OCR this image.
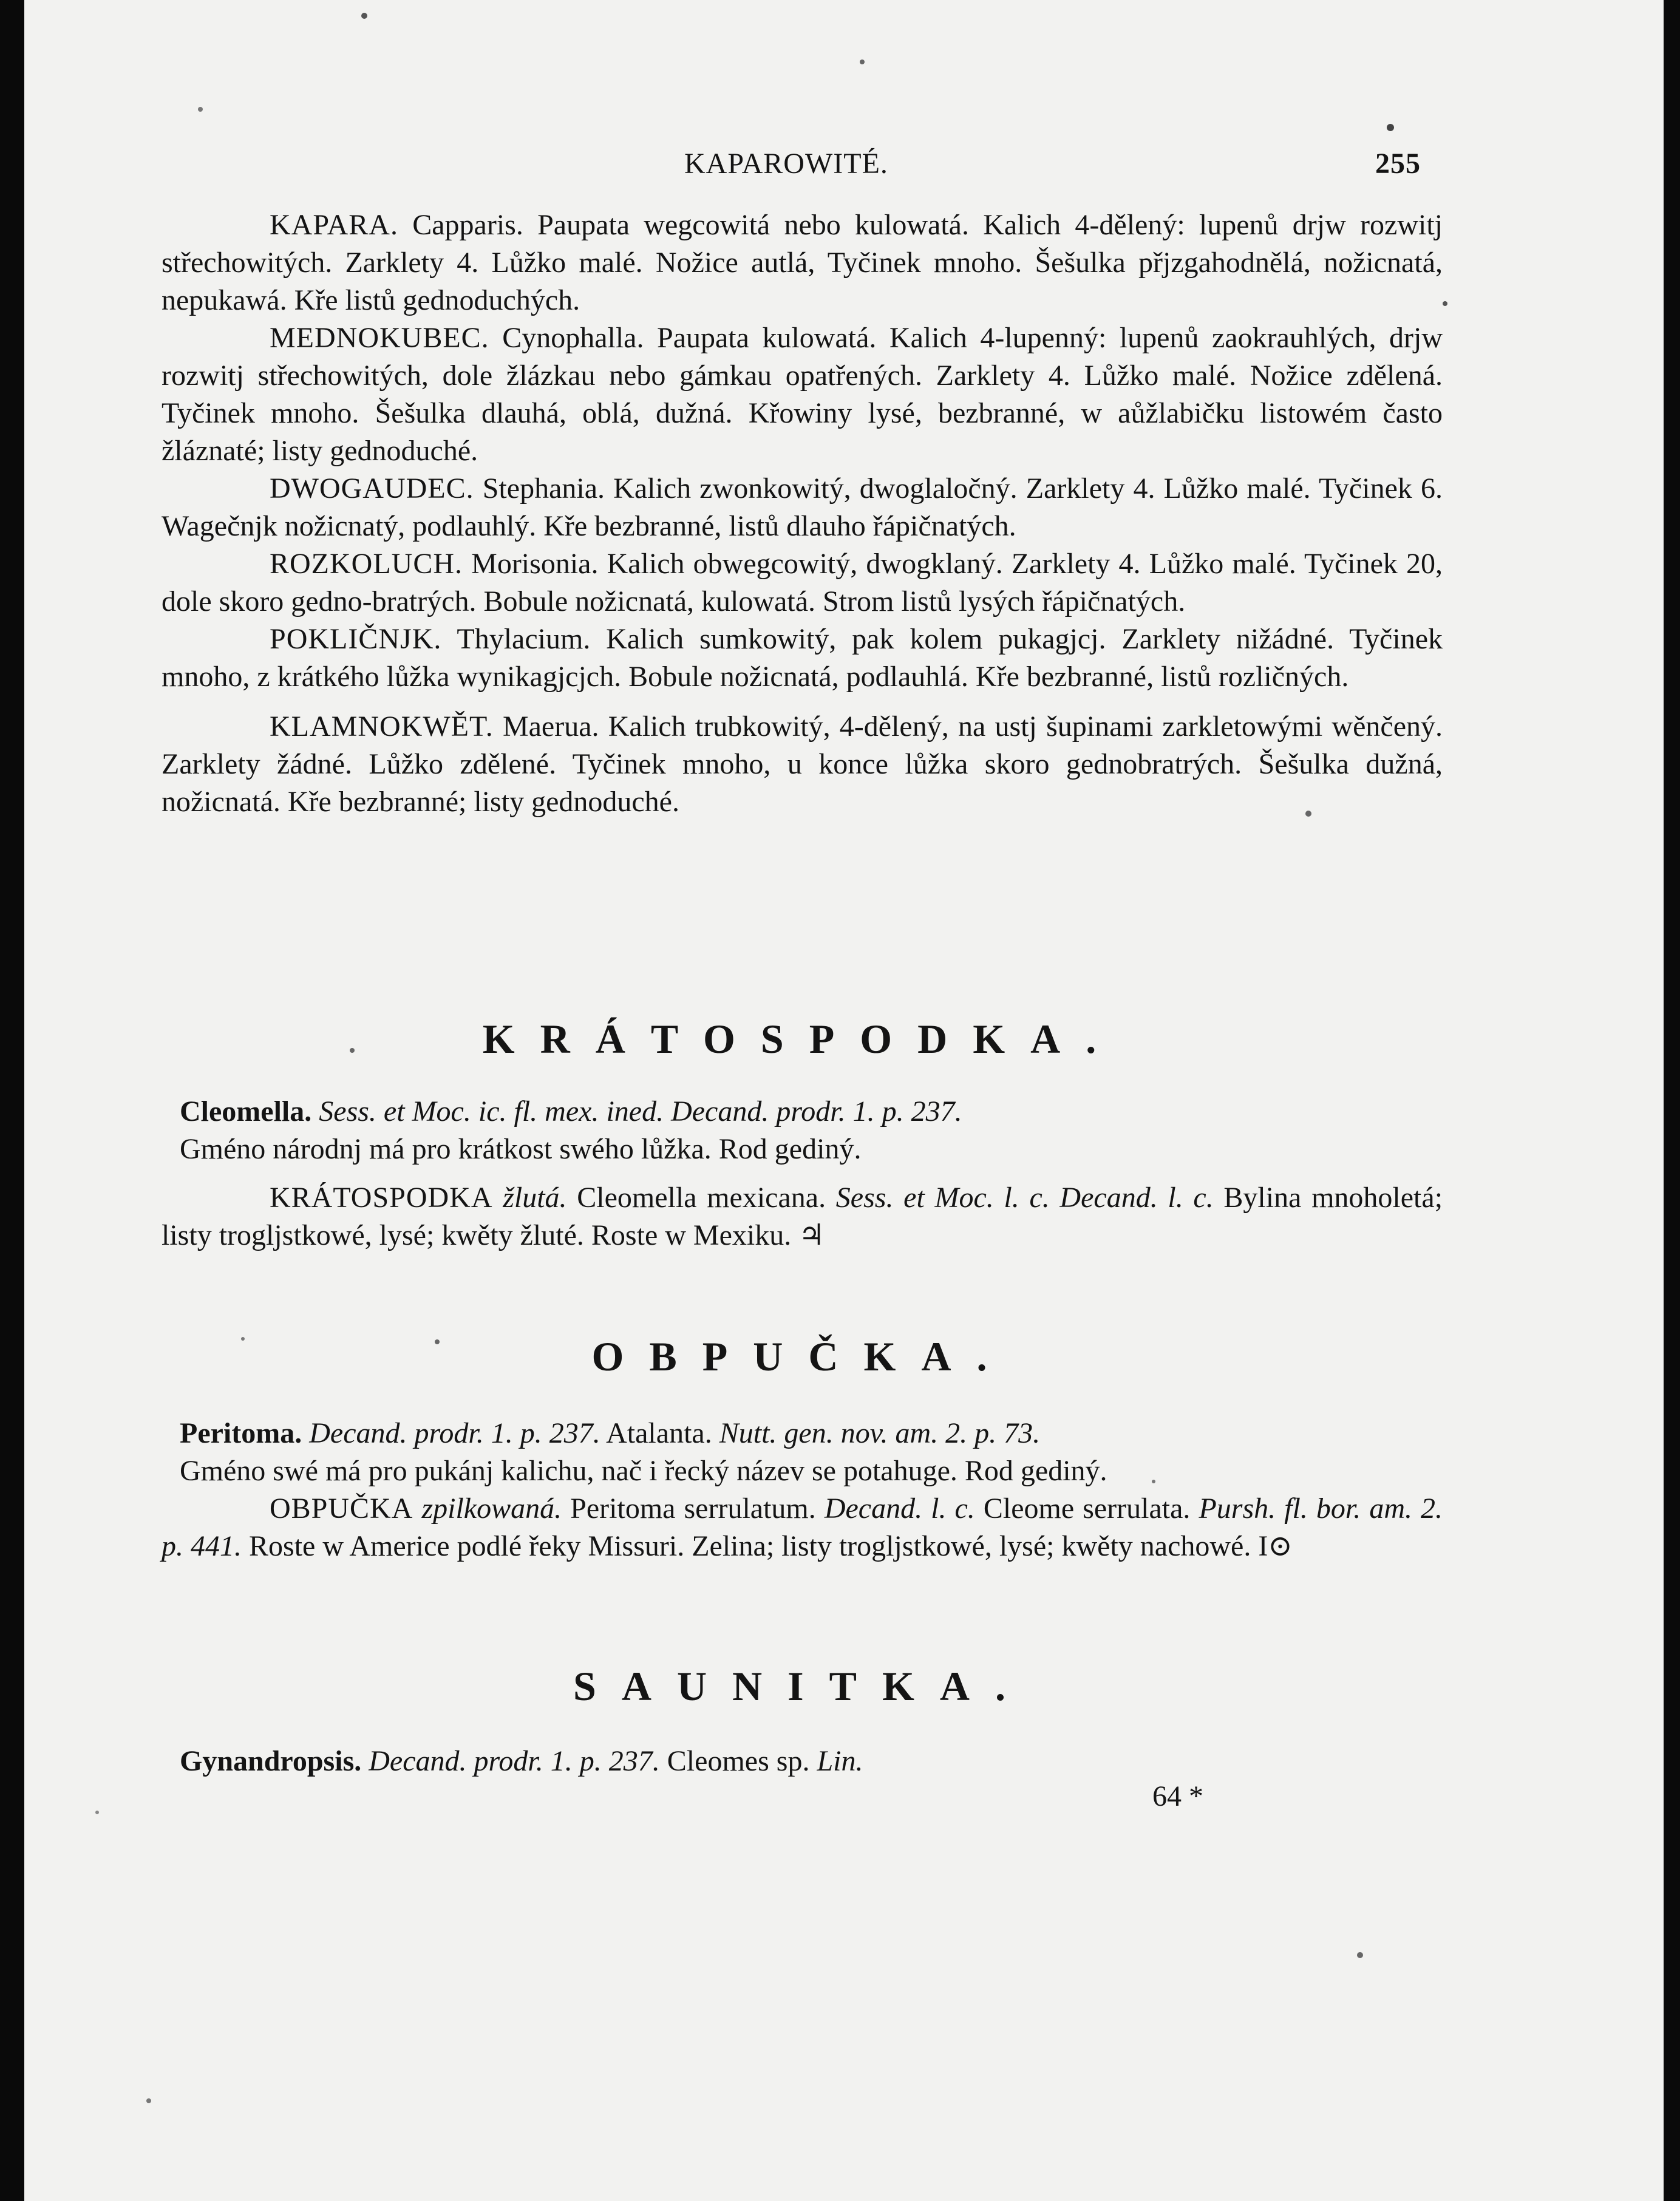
KAPAROWITÉ.	255

KAPARA. Capparis. Paupata wegcowitá nebo kulowatá. Kalich 4-dělený: lupenů drjw rozwitj střechowitých. Zarklety 4. Lůžko malé. Nožice autlá, Tyčinek mnoho. Šešulka přjzgahodnělá, nožicnatá, nepukawá. Kře listů gednoduchých.

MEDNOKUBEC. Cynophalla. Paupata kulowatá. Kalich 4-lupenný: lupenů zaokrauhlých, drjw rozwitj střechowitých, dole žlázkau nebo gámkau opatřených. Zarklety 4. Lůžko malé. Nožice zdělená. Tyčinek mnoho. Šešulka dlauhá, oblá, dužná. Křowiny lysé, bezbranné, w aůžlabičku listowém často žláznaté; listy gednoduché.

DWOGAUDEC. Stephania. Kalich zwonkowitý, dwoglaločný. Zarklety 4. Lůžko malé. Tyčinek 6. Wagečnjk nožicnatý, podlauhlý. Kře bezbranné, listů dlauho řápičnatých.

ROZKOLUCH. Morisonia. Kalich obwegcowitý, dwogklaný. Zarklety 4. Lůžko malé. Tyčinek 20, dole skoro gedno-bratrých. Bobule nožicnatá, kulowatá. Strom listů lysých řápičnatých.

POKLIČNJK. Thylacium. Kalich sumkowitý, pak kolem pukagjcj. Zarklety nižádné. Tyčinek mnoho, z krátkého lůžka wynikagjcjch. Bobule nožicnatá, podlauhlá. Kře bezbranné, listů rozličných.

KLAMNOKWĚT. Maerua. Kalich trubkowitý, 4-dělený, na ustj šupinami zarkletowými wěnčený. Zarklety žádné. Lůžko zdělené. Tyčinek mnoho, u konce lůžka skoro gednobratrých. Šešulka dužná, nožicnatá. Kře bezbranné; listy gednoduché.

KRÁTOSPODKA.

Cleomella. Sess. et Moc. ic. fl. mex. ined. Decand. prodr. 1. p. 237.

Gméno národnj má pro krátkost swého lůžka. Rod gediný.

KRÁTOSPODKA žlutá. Cleomella mexicana. Sess. et Moc. l. c. Decand. l. c. Bylina mnoholetá; listy trogljstkowé, lysé; kwěty žluté. Roste w Mexiku. ♃

OBPUČKA.

Peritoma. Decand. prodr. 1. p. 237. Atalanta. Nutt. gen. nov. am. 2. p. 73.

Gméno swé má pro pukánj kalichu, nač i řecký název se potahuge. Rod gediný.

OBPUČKA zpilkowaná. Peritoma serrulatum. Decand. l. c. Cleome serrulata. Pursh. fl. bor. am. 2. p. 441. Roste w Americe podlé řeky Missuri. Zelina; listy trogljstkowé, lysé; kwěty nachowé. I⊙

SAUNITKA.

Gynandropsis. Decand. prodr. 1. p. 237. Cleomes sp. Lin.

64 *
